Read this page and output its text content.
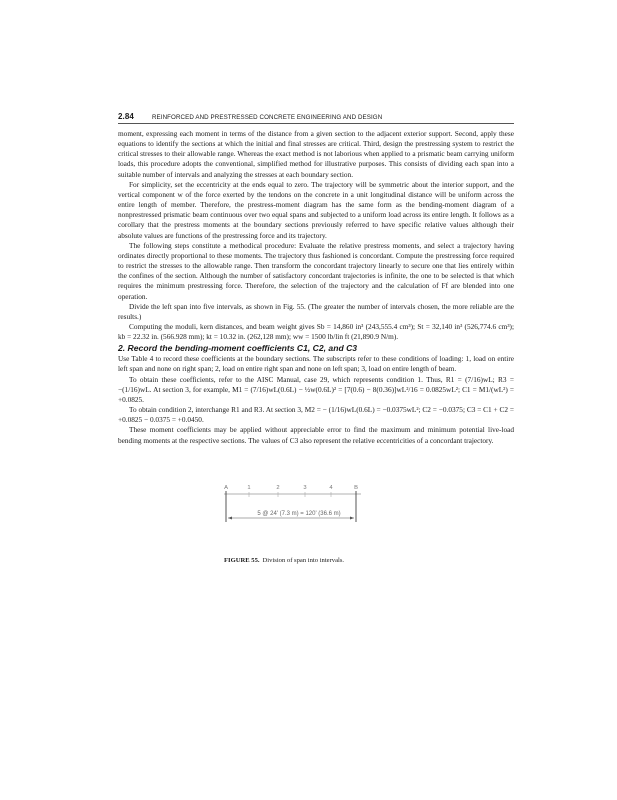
2.84	REINFORCED AND PRESTRESSED CONCRETE ENGINEERING AND DESIGN

moment, expressing each moment in terms of the distance from a given section to the adjacent exterior support. Second, apply these equations to identify the sections at which the initial and final stresses are critical. Third, design the prestressing system to restrict the critical stresses to their allowable range. Whereas the exact method is not laborious when applied to a prismatic beam carrying uniform loads, this procedure adopts the conventional, simplified method for illustrative purposes. This consists of dividing each span into a suitable number of intervals and analyzing the stresses at each boundary section.

For simplicity, set the eccentricity at the ends equal to zero. The trajectory will be symmetric about the interior support, and the vertical component w of the force exerted by the tendons on the concrete in a unit longitudinal distance will be uniform across the entire length of member. Therefore, the prestress-moment diagram has the same form as the bending-moment diagram of a nonprestressed prismatic beam continuous over two equal spans and subjected to a uniform load across its entire length. It follows as a corollary that the prestress moments at the boundary sections previously referred to have specific relative values although their absolute values are functions of the prestressing force and its trajectory.

The following steps constitute a methodical procedure: Evaluate the relative prestress moments, and select a trajectory having ordinates directly proportional to these moments. The trajectory thus fashioned is concordant. Compute the prestressing force required to restrict the stresses to the allowable range. Then transform the concordant trajectory linearly to secure one that lies entirely within the confines of the section. Although the number of satisfactory concordant trajectories is infinite, the one to be selected is that which requires the minimum prestressing force. Therefore, the selection of the trajectory and the calculation of Ff are blended into one operation.

Divide the left span into five intervals, as shown in Fig. 55. (The greater the number of intervals chosen, the more reliable are the results.)

Computing the moduli, kern distances, and beam weight gives Sb = 14,860 in³ (243,555.4 cm³); St = 32,140 in³ (526,774.6 cm³); kb = 22.32 in. (566.928 mm); kt = 10.32 in. (262,128 mm); ww = 1500 lb/lin ft (21,890.9 N/m).

2. Record the bending-moment coefficients C1, C2, and C3

Use Table 4 to record these coefficients at the boundary sections. The subscripts refer to these conditions of loading: 1, load on entire left span and none on right span; 2, load on entire right span and none on left span; 3, load on entire length of beam.

To obtain these coefficients, refer to the AISC Manual, case 29, which represents condition 1. Thus, R1 = (7/16)wL; R3 = −(1/16)wL. At section 3, for example, M1 = (7/16)wL(0.6L) − ½w(0.6L)² = [7(0.6) − 8(0.36)]wL²/16 = 0.0825wL²; C1 = M1/(wL²) = +0.0825.

To obtain condition 2, interchange R1 and R3. At section 3, M2 = − (1/16)wL(0.6L) = −0.0375wL²; C2 = −0.0375; C3 = C1 + C2 = +0.0825 − 0.0375 = +0.0450.

These moment coefficients may be applied without appreciable error to find the maximum and minimum potential live-load bending moments at the respective sections. The values of C3 also represent the relative eccentricities of a concordant trajectory.

A	1	2	3	4	B
5 @ 24' (7.3 m) = 120' (36.6 m)
FIGURE 55. Division of span into intervals.
